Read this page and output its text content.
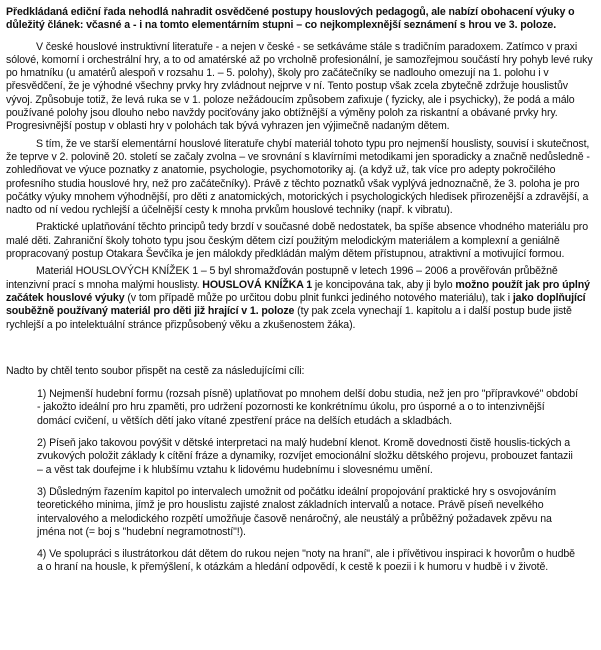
Předkládaná ediční řada nehodlá nahradit osvědčené postupy houslových pedagogů, ale nabízí obohacení výuky o důležitý článek: včasné a - i na tomto elementárním stupni – co nejkomplexnější seznámení s hrou ve 3. poloze.

V české houslové instruktivní literatuře - a nejen v české - se setkáváme stále s tradičním paradoxem. Zatímco v praxi sólové, komorní i orchestrální hry, a to od amatérské až po vrcholně profesionální, je samozřejmou součástí hry pohyb levé ruky po hmatníku (u amatérů alespoň v rozsahu 1. – 5. polohy), školy pro začátečníky se nadlouho omezují na 1. polohu i v přesvědčení, že je výhodné všechny prvky hry zvládnout nejprve v ní. Tento postup však zcela zbytečně zdržuje houslistův vývoj. Způsobuje totiž, že levá ruka se v 1. poloze nežádoucím způsobem zafixuje ( fyzicky, ale i psychicky), že podá a málo používané polohy jsou dlouho nebo navždy pociťovány jako obtížnější a výměny poloh za riskantní a obávané prvky hry. Progresivnější postup v oblasti hry v polohách tak bývá vyhrazen jen výjimečně nadaným dětem.

S tím, že ve starší elementární houslové literatuře chybí materiál tohoto typu pro nejmenší houslisty, souvisí i skutečnost, že teprve v 2. polovině 20. století se začaly zvolna – ve srovnání s klavírními metodikami jen sporadicky a značně nedůsledně - zohledňovat ve výuce poznatky z anatomie, psychologie, psychomotoriky aj. (a když už, tak více pro adepty pokročilého profesního studia houslové hry, než pro začátečníky). Právě z těchto poznatků však vyplývá jednoznačně, že 3. poloha je pro počátky výuky mnohem výhodnější, pro děti z anatomických, motorických i psychologických hledisek přirozenější a zdravější, a nadto od ní vedou rychlejší a účelnější cesty k mnoha prvkům houslové techniky (např. k vibratu).

Praktické uplatňování těchto principů tedy brzdí v současné době nedostatek, ba spíše absence vhodného materiálu pro malé děti. Zahraniční školy tohoto typu jsou českým dětem cizí použitým melodickým materiálem a komplexní a geniálně propracovaný postup Otakara Ševčíka je jen málokdy předkládán malým dětem přístupnou, atraktivní a motivující formou.

Materiál HOUSLOVÝCH KNÍŽEK 1 – 5 byl shromažďován postupně v letech 1996 – 2006 a prověřován průběžně intenzivní prací s mnoha malými houslisty. HOUSLOVÁ KNÍŽKA 1 je koncipována tak, aby ji bylo možno použít jak pro úplný začátek houslové výuky (v tom případě může po určitou dobu plnit funkci jediného notového materiálu), tak i jako doplňující souběžně používaný materiál pro děti již hrající v 1. poloze (ty pak zcela vynechají 1. kapitolu a i další postup bude jistě rychlejší a po intelektuální stránce přizpůsobený věku a zkušenostem žáka).

Nadto by chtěl tento soubor přispět na cestě za následujícími cíli:

1) Nejmenší hudební formu (rozsah písně) uplatňovat po mnohem delší dobu studia, než jen pro "přípravkové" období - jakožto ideální pro hru zpaměti, pro udržení pozornosti ke konkrétnímu úkolu, pro úsporné a o to intenzivnější domácí cvičení, u větších dětí jako vítané zpestření práce na delších etudách a skladbách.

2) Píseň jako takovou povýšit v dětské interpretaci na malý hudební klenot. Kromě dovednosti čistě houslis-tických a zvukových položit základy k cítění fráze a dynamiky, rozvíjet emocionální složku dětského projevu, probouzet fantazii – a věst tak doufejme i k hlubšímu vztahu k lidovému hudebnímu i slovesnému umění.

3) Důsledným řazením kapitol po intervalech umožnit od počátku ideální propojování praktické hry s osvojováním teoretického minima, jímž je pro houslistu zajisté znalost základních intervalů a notace. Právě píseň nevelkého intervalového a melodického rozpětí umožňuje časově nenáročný, ale neustálý a průběžný požadavek zpěvu na jména not (= boj s "hudební negramotností"!).

4) Ve spolupráci s ilustrátorkou dát dětem do rukou nejen "noty na hraní", ale i přívětivou inspiraci k hovorům o hudbě a o hraní na housle, k přemýšlení, k otázkám a hledání odpovědí, k cestě k poezii i k humoru v hudbě i v životě.
